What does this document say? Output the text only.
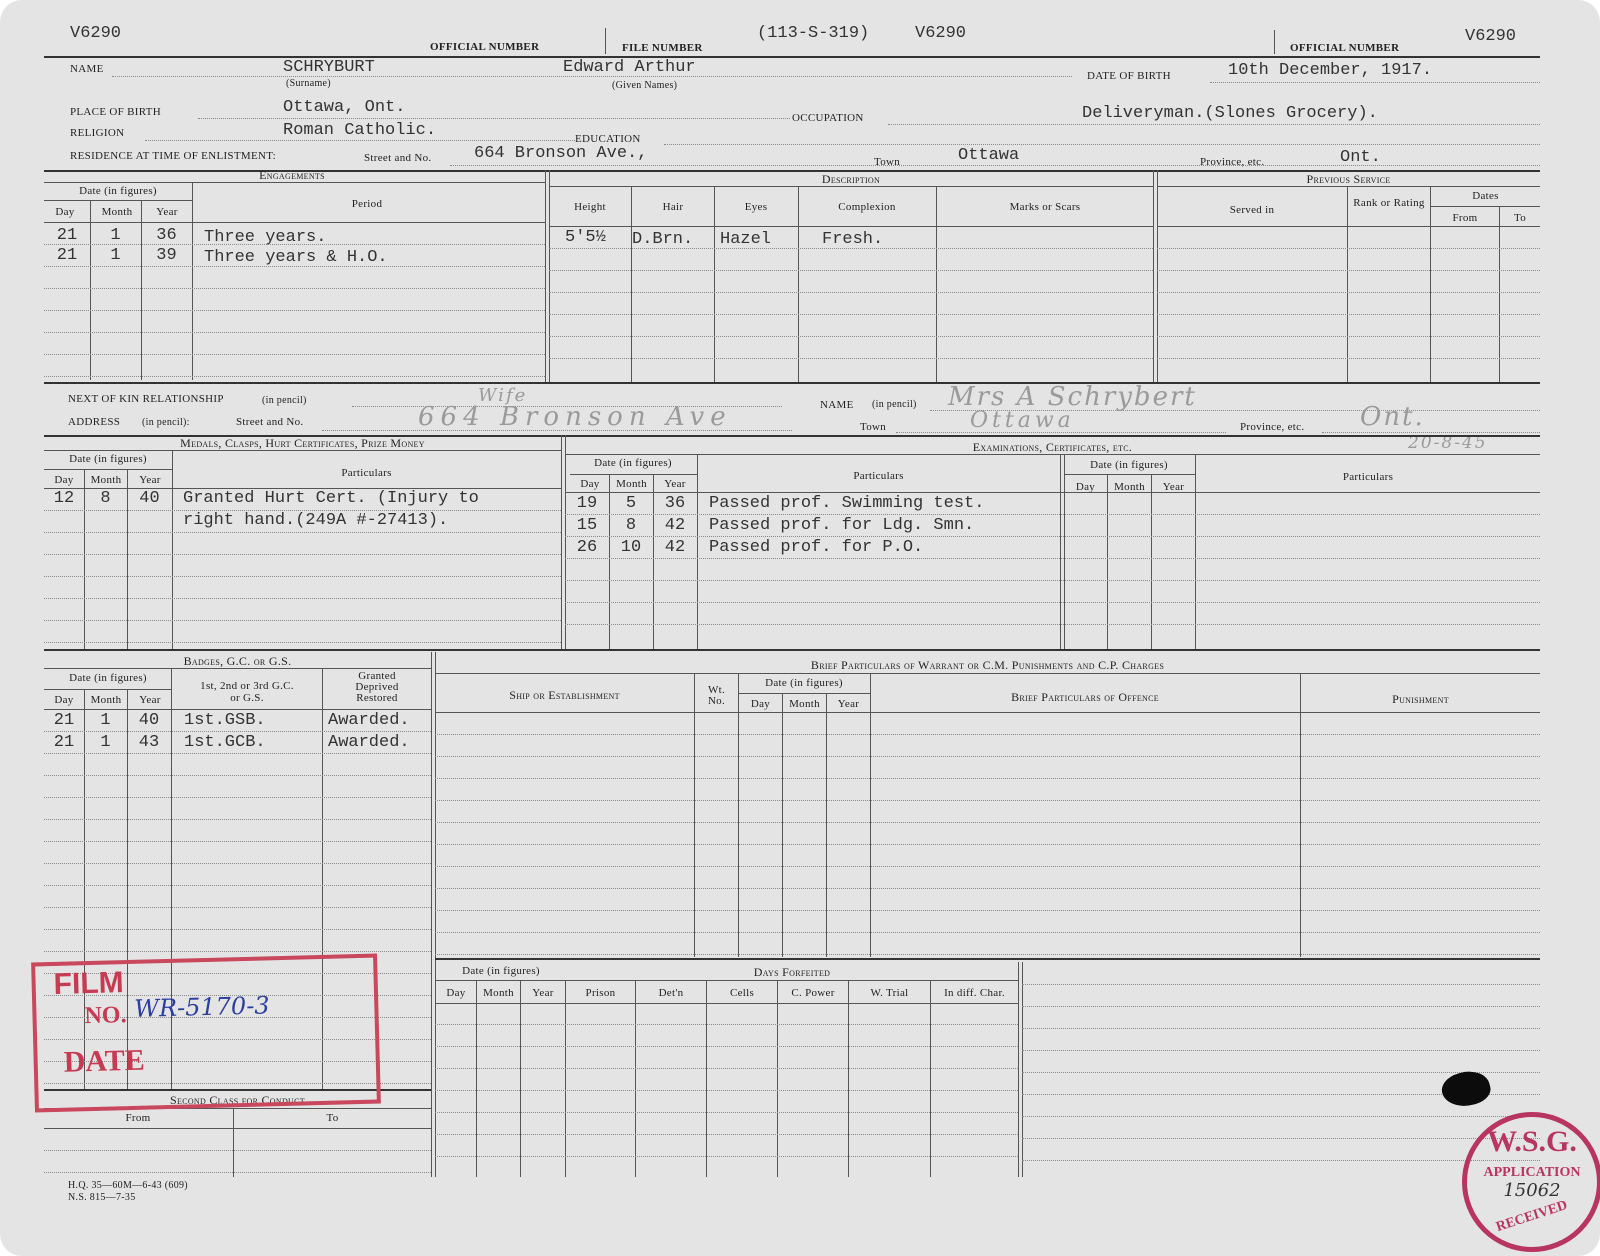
V6290
OFFICIAL NUMBER	FILE NUMBER
(113-S-319)	V6290
OFFICIAL NUMBER
V6290
NAME	SCHRYBURT
(Surname)
Edward Arthur
(Given Names)
DATE OF BIRTH	10th December, 1917.
PLACE OF BIRTH	Ottawa, Ont.
OCCUPATION	Deliveryman.(Slones Grocery).
RELIGION	Roman Catholic.	EDUCATION
RESIDENCE AT TIME OF ENLISTMENT:	Street and No.	664 Bronson Ave.,	Town	Ottawa	Province, etc.	Ont.
Engagements
Date (in figures)
Day	Month	Year
Period
21	1	36	Three years.
21	1	39	Three years & H.O.
Description
Height	Hair	Eyes	Complexion	Marks or Scars
5'5½ D.Brn. Hazel	Fresh.
Previous Service
Served in
Rank or Rating
Dates
From	To
NEXT OF KIN RELATIONSHIP	(in pencil)	Wife	NAME (in pencil) Mrs A Schrybert
ADDRESS (in pencil):	Street and No.	664 Bronson Ave	Town	Ottawa	Province, etc. Ont.
20-8-45
Medals, Clasps, Hurt Certificates, Prize Money
Date (in figures)
Day	Month	Year
Particulars
12	8	40	Granted Hurt Cert. (Injury to
right hand.(249A #-27413).
Examinations, Certificates, etc.
Date (in figures)
Day	Month	Year
Particulars
19	5	36	Passed prof. Swimming test.
15	8	42	Passed prof. for Ldg. Smn.
26	10	42	Passed prof. for P.O.
Date (in figures)
Day	Month	Year
Particulars
Badges, G.C. or G.S.
Date (in figures)
Day	Month	Year
1st, 2nd or 3rd G.C.
or G.S.
Granted
Deprived
Restored
21	1	40	1st.GSB.	Awarded.
21	1	43	1st.GCB.	Awarded.
Brief Particulars of Warrant or C.M. Punishments and C.P. Charges
Ship or Establishment	Wt.
No.
Date (in figures)
Day	Month	Year	Brief Particulars of Offence	Punishment
Date (in figures)	Days Forfeited
Day	Month	Year	Prison	Det'n	Cells	C. Power	W. Trial	In diff. Char.
Second Class for Conduct
From	To
H.Q. 35—60M—6-43 (609)
N.S. 815—7-35
FILM
NO. WR-5170-3
DATE
W.S.G.
APPLICATION
15062
RECEIVED
